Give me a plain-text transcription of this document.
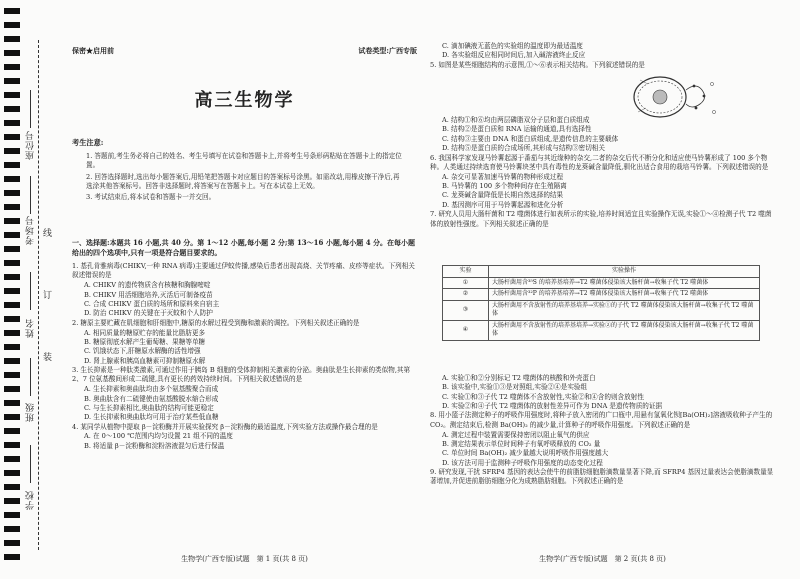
座位号
考场号
姓名
班级
学校
线
订
装
保密★启用前	试卷类型:广西专版
高三生物学
考生注意:
1. 答题前,考生务必将自己的姓名、考生号填写在试卷和答题卡上,并将考生号条形码粘贴在答题卡上的指定位置。
2. 回答选择题时,选出每小题答案后,用铅笔把答题卡对应题目的答案标号涂黑。如需改动,用橡皮擦干净后,再选涂其他答案标号。回答非选择题时,将答案写在答题卡上。写在本试卷上无效。
3. 考试结束后,将本试卷和答题卡一并交回。
一、选择题:本题共 16 小题,共 40 分。第 1～12 小题,每小题 2 分;第 13～16 小题,每小题 4 分。在每小题给出的四个选项中,只有一项是符合题目要求的。
1. 基孔肯雅病毒(CHIKV,一种 RNA 病毒)主要通过伊蚊传播,感染后患者出现高烧、关节疼痛、皮疹等症状。下列相关叙述错误的是
A. CHIKV 的遗传物质含有核糖和胸腺嘧啶
B. CHIKV 用活细胞培养,灭活后可制备疫苗
C. 合成 CHIKV 蛋白质的场所和原料来自宿主
D. 防治 CHIKV 的关键在于灭蚊和个人防护
2. 糖原主要贮藏在肌细胞和肝细胞中,糖原的水解过程受到酶和激素的调控。下列相关叙述正确的是
A. 相同质量的糖原贮存的能量比脂肪更多
B. 糖原彻底水解产生葡萄糖、果糖等单糖
C. 饥饿状态下,肝糖原水解酶的活性增强
D. 肾上腺素和胰高血糖素可抑制糖原水解
3. 生长抑素是一种肽类激素,可通过作用于胰岛 B 细胞的受体抑制相关激素的分泌。奥曲肽是生长抑素的类似物,其第 2、7 位氨基酸间形成二硫键,具有更长的药效持续时间。下列相关叙述错误的是
A. 生长抑素和奥曲肽均由多个氨基酸聚合而成
B. 奥曲肽含有二硫键使由氨基酸脱水缩合形成
C. 与生长抑素相比,奥曲肽的结构可能更稳定
D. 生长抑素和奥曲肽均可用于治疗某些低血糖
4. 某同学从植物中提取 β－淀粉酶并开展实验探究 β－淀粉酶的最适温度,下列实验方法或操作最合理的是
A. 在 0～100 ℃范围内均匀设置 21 组不同的温度
B. 将适量 β－淀粉酶和淀粉溶液混匀后进行保温
生物学(广西专版)试题　第 1 页(共 8 页)
C. 滴加碘液无蓝色的实验组的温度即为最适温度
D. 各实验组反应相同时间后,加入碱溶液终止反应
5. 如图是某些细胞结构的示意图,①～⑥表示相关结构。下列叙述错误的是
A. 结构①和⑥均由两层磷脂双分子层和蛋白质组成
B. 结构②是蛋白质和 RNA 运输的通道,具有选择性
C. 结构③主要由 DNA 和蛋白质组成,是遗传信息的主要载体
D. 结构⑤是蛋白质的合成场所,其形成与结构③密切相关
6. 我国科学家发现马铃薯起源于番茄与其近缘种的杂交,二者的杂交后代不断分化和适应使马铃薯形成了 100 多个物种。人类通过持续选育使马铃薯块茎中具有毒性的龙葵碱含量降低,驯化出适合食用的栽培马铃薯。下列叙述错误的是
A. 杂交可显著加速马铃薯的物种形成过程
B. 马铃薯的 100 多个物种间存在生殖隔离
C. 龙葵碱含量降低是长期自然选择的结果
D. 基因测序可用于马铃薯起源和进化分析
7. 研究人员用大肠杆菌和 T2 噬菌体进行如表所示的实验,培养时间适宜且实验操作无误,实验①～④检测子代 T2 噬菌体的放射性强度。下列相关叙述正确的是
实验	实验操作
①	大肠杆菌用含³⁵S 的培养基培养→T2 噬菌体侵染该大肠杆菌→收集子代 T2 噬菌体
②	大肠杆菌用含³²P 的培养基培养→T2 噬菌体侵染该大肠杆菌→收集子代 T2 噬菌体
③	大肠杆菌用不含放射性的培养基培养→实验①的子代 T2 噬菌体侵染该大肠杆菌→收集子代 T2 噬菌体
④	大肠杆菌用不含放射性的培养基培养→实验②的子代 T2 噬菌体侵染该大肠杆菌→收集子代 T2 噬菌体
A. 实验①和②分别标记 T2 噬菌体的核酸和外壳蛋白
B. 该实验中,实验①③是对照组,实验②④是实验组
C. 实验①和③子代 T2 噬菌体不含放射性,实验②和④含的则含放射性
D. 实验②和④子代 T2 噬菌体的放射性差异可作为 DNA 是遗传物质的证据
8. 用小篮子法测定种子的呼吸作用强度时,将种子放入密闭的广口瓶中,用悬有氢氧化钡[Ba(OH)₂]溶液吸收种子产生的 CO₂。测定结束后,检测 Ba(OH)₂ 的减少量,计算种子的呼吸作用强度。下列叙述正确的是
A. 测定过程中装置需要保持密闭以阻止氧气的供应
B. 测定结果表示单位时间种子有氧呼吸释放的 CO₂ 量
C. 单位时间 Ba(OH)₂ 减少量越大说明呼吸作用强度越大
D. 该方法可用于监测种子呼吸作用强度的动态变化过程
9. 研究发现,干扰 SFRP4 基因的表达会使牛的前脂肪细胞脂滴数量显著下降,而 SFRP4 基因过量表达会使脂滴数量显著增加,并促进前脂肪细胞分化为成熟脂肪细胞。下列叙述正确的是
生物学(广西专版)试题　第 2 页(共 8 页)
